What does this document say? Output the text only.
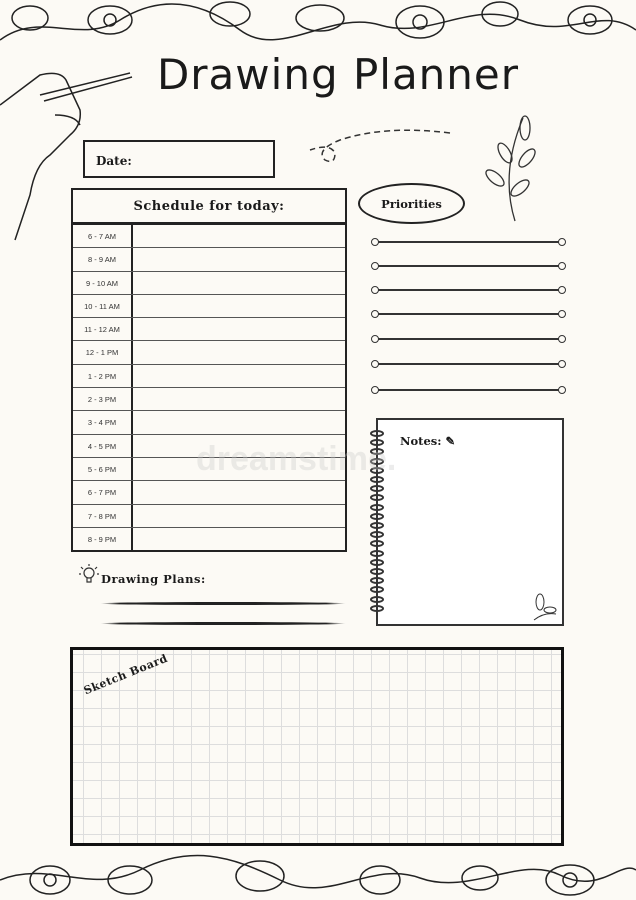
Drawing Planner
Date:
Schedule for today:
6 - 7 AM
8 - 9 AM
9 - 10 AM
10 - 11 AM
11 - 12 AM
12 - 1 PM
1 - 2 PM
2 - 3 PM
3 - 4 PM
4 - 5 PM
5 - 6 PM
6 - 7 PM
7 - 8 PM
8 - 9 PM
Priorities
Notes: ✎
Drawing Plans:
Sketch Board
dreamstime.
